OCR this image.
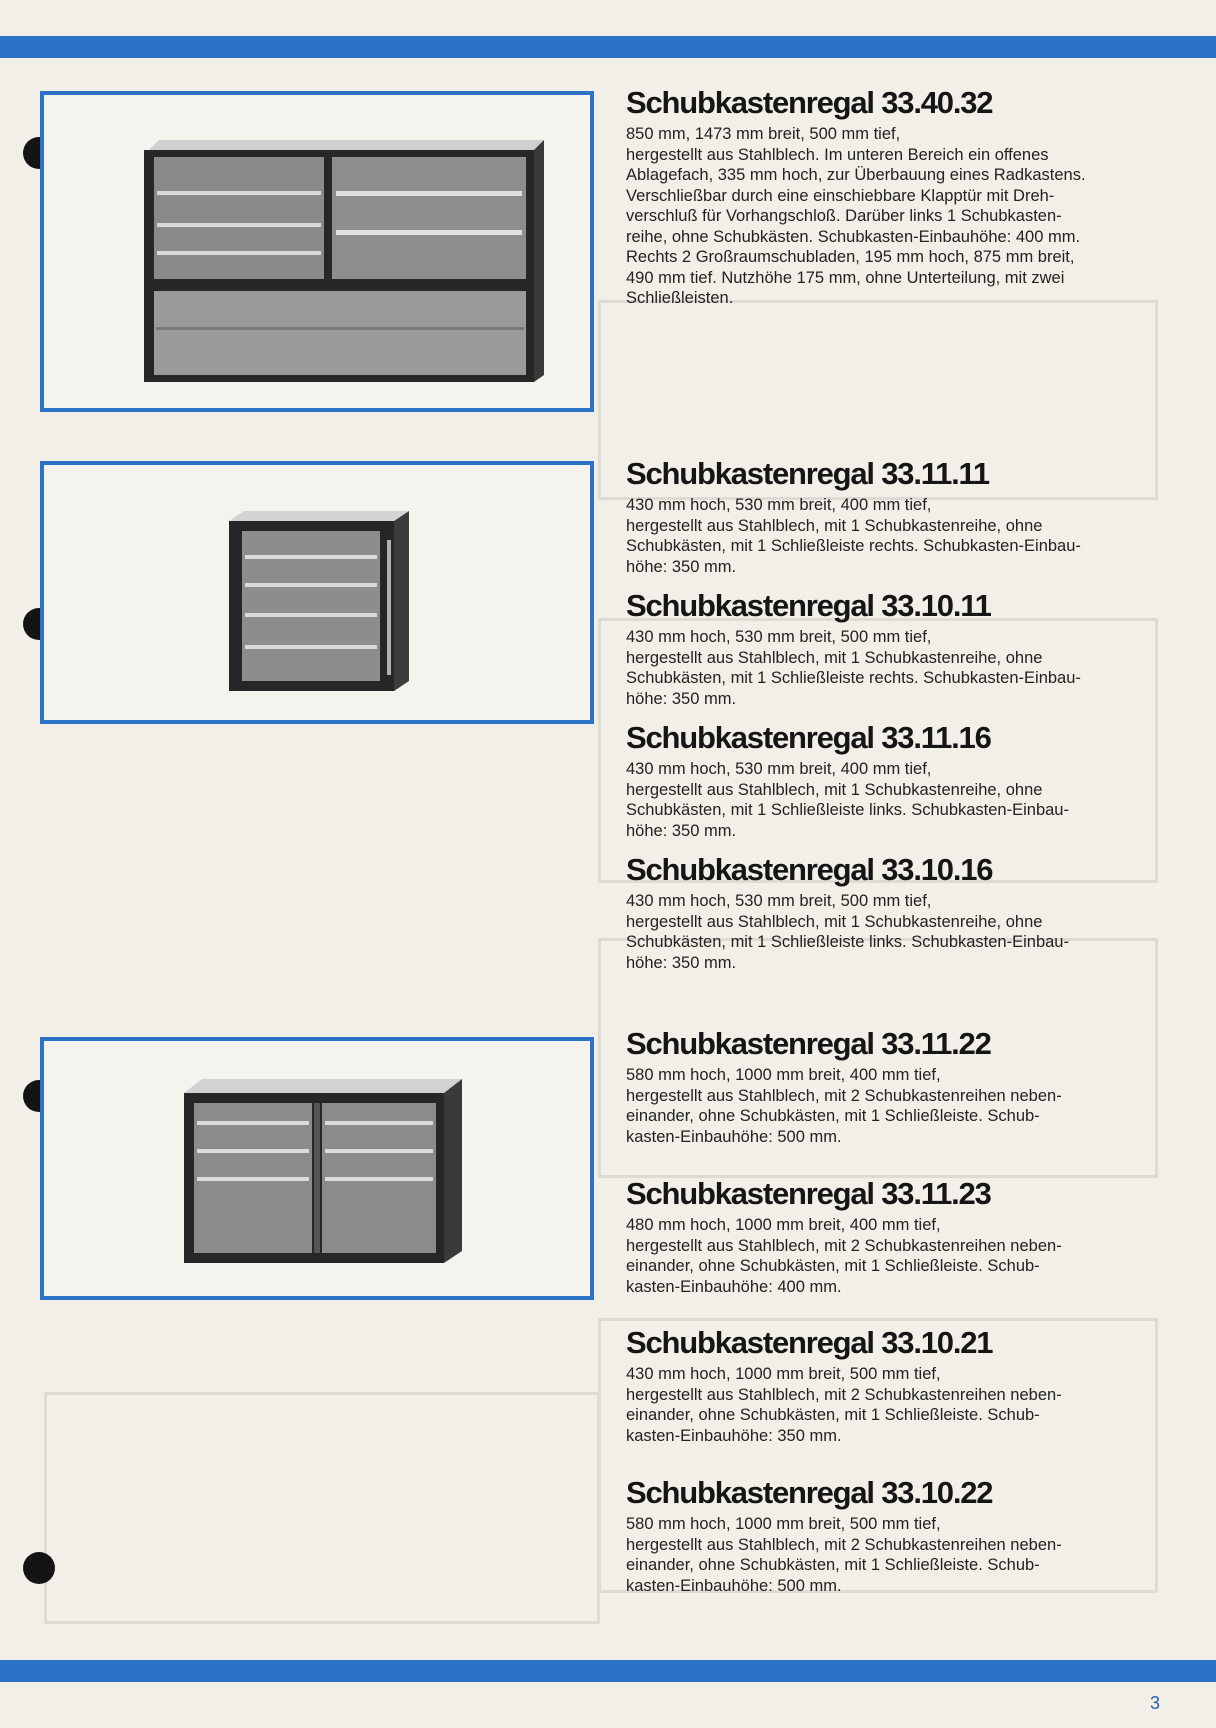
Schubkastenregal 33.40.32

850 mm, 1473 mm breit, 500 mm tief,
hergestellt aus Stahlblech. Im unteren Bereich ein offenes
Ablagefach, 335 mm hoch, zur Überbauung eines Radkastens.
Verschließbar durch eine einschiebbare Klapptür mit Dreh-
verschluß für Vorhangschloß. Darüber links 1 Schubkasten-
reihe, ohne Schubkästen. Schubkasten-Einbauhöhe: 400 mm.
Rechts 2 Großraumschubladen, 195 mm hoch, 875 mm breit,
490 mm tief. Nutzhöhe 175 mm, ohne Unterteilung, mit zwei
Schließleisten.

Schubkastenregal 33.11.11

430 mm hoch, 530 mm breit, 400 mm tief,
hergestellt aus Stahlblech, mit 1 Schubkastenreihe, ohne
Schubkästen, mit 1 Schließleiste rechts. Schubkasten-Einbau-
höhe: 350 mm.

Schubkastenregal 33.10.11

430 mm hoch, 530 mm breit, 500 mm tief,
hergestellt aus Stahlblech, mit 1 Schubkastenreihe, ohne
Schubkästen, mit 1 Schließleiste rechts. Schubkasten-Einbau-
höhe: 350 mm.

Schubkastenregal 33.11.16

430 mm hoch, 530 mm breit, 400 mm tief,
hergestellt aus Stahlblech, mit 1 Schubkastenreihe, ohne
Schubkästen, mit 1 Schließleiste links. Schubkasten-Einbau-
höhe: 350 mm.

Schubkastenregal 33.10.16

430 mm hoch, 530 mm breit, 500 mm tief,
hergestellt aus Stahlblech, mit 1 Schubkastenreihe, ohne
Schubkästen, mit 1 Schließleiste links. Schubkasten-Einbau-
höhe: 350 mm.

Schubkastenregal 33.11.22

580 mm hoch, 1000 mm breit, 400 mm tief,
hergestellt aus Stahlblech, mit 2 Schubkastenreihen neben-
einander, ohne Schubkästen, mit 1 Schließleiste. Schub-
kasten-Einbauhöhe: 500 mm.

Schubkastenregal 33.11.23

480 mm hoch, 1000 mm breit, 400 mm tief,
hergestellt aus Stahlblech, mit 2 Schubkastenreihen neben-
einander, ohne Schubkästen, mit 1 Schließleiste. Schub-
kasten-Einbauhöhe: 400 mm.

Schubkastenregal 33.10.21

430 mm hoch, 1000 mm breit, 500 mm tief,
hergestellt aus Stahlblech, mit 2 Schubkastenreihen neben-
einander, ohne Schubkästen, mit 1 Schließleiste. Schub-
kasten-Einbauhöhe: 350 mm.

Schubkastenregal 33.10.22

580 mm hoch, 1000 mm breit, 500 mm tief,
hergestellt aus Stahlblech, mit 2 Schubkastenreihen neben-
einander, ohne Schubkästen, mit 1 Schließleiste. Schub-
kasten-Einbauhöhe: 500 mm.

3
